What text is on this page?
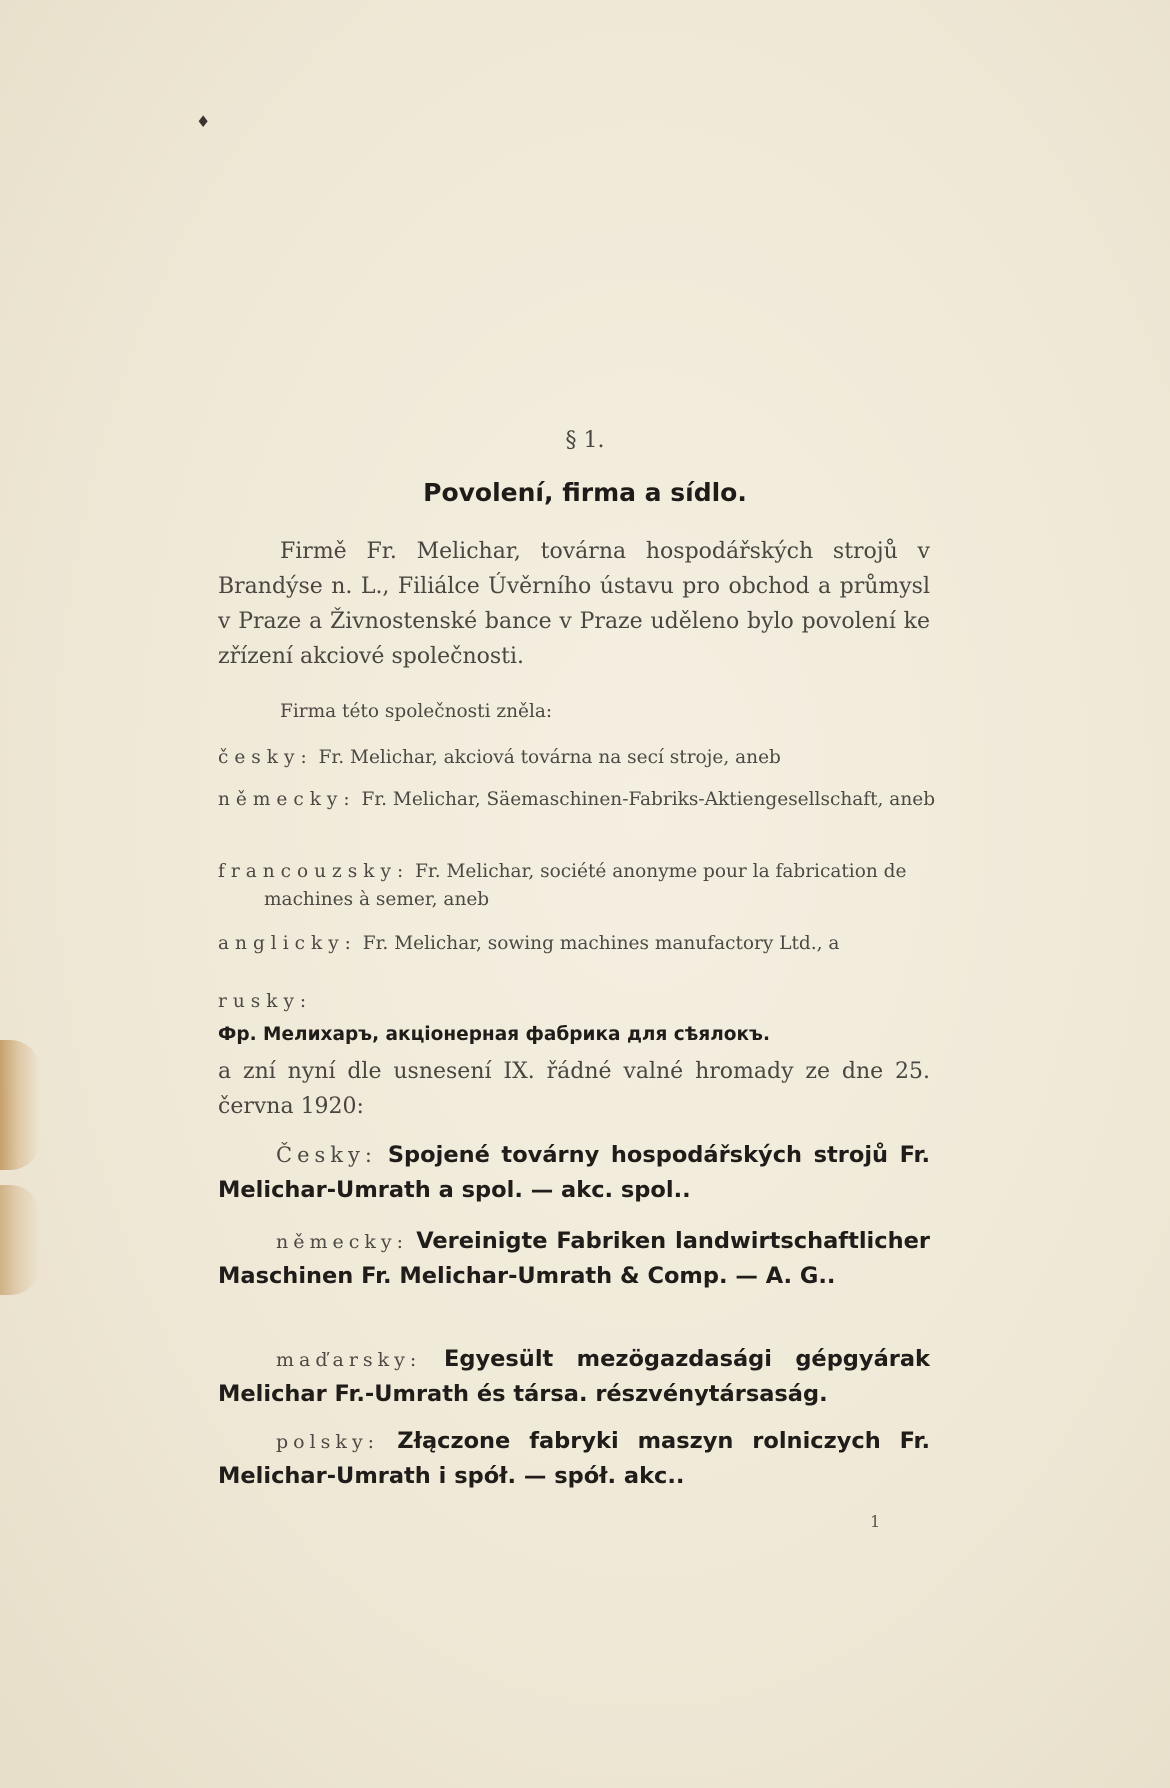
♦
§ 1.
Povolení, firma a sídlo.
Firmě Fr. Melichar, továrna hospodářských strojů v Brandýse n. L., Filiálce Úvěrního ústavu pro obchod a průmysl v Praze a Živnostenské bance v Praze uděleno bylo povolení ke zřízení akciové společnosti.
Firma této společnosti zněla:
česky: Fr. Melichar, akciová továrna na secí stroje, aneb
německy: Fr. Melichar, Säemaschinen-Fabriks-Aktiengesellschaft, aneb
francouzsky: Fr. Melichar, société anonyme pour la fabrication de machines à semer, aneb
anglicky: Fr. Melichar, sowing machines manufactory Ltd., a
rusky:
Фр. Мелихаръ, акцiонерная фабрика для сѣялокъ.
a zní nyní dle usnesení IX. řádné valné hromady ze dne 25. června 1920:
Česky: Spojené továrny hospodářských strojů Fr. Melichar-Umrath a spol. — akc. spol..
německy: Vereinigte Fabriken landwirtschaftlicher Maschinen Fr. Melichar-Umrath & Comp. — A. G..
maďarsky: Egyesült mezögazdasági gépgyárak Melichar Fr.-Umrath és társa. részvénytársaság.
polsky: Złączone fabryki maszyn rolniczych Fr. Melichar-Umrath i spół. — spół. akc..
1
